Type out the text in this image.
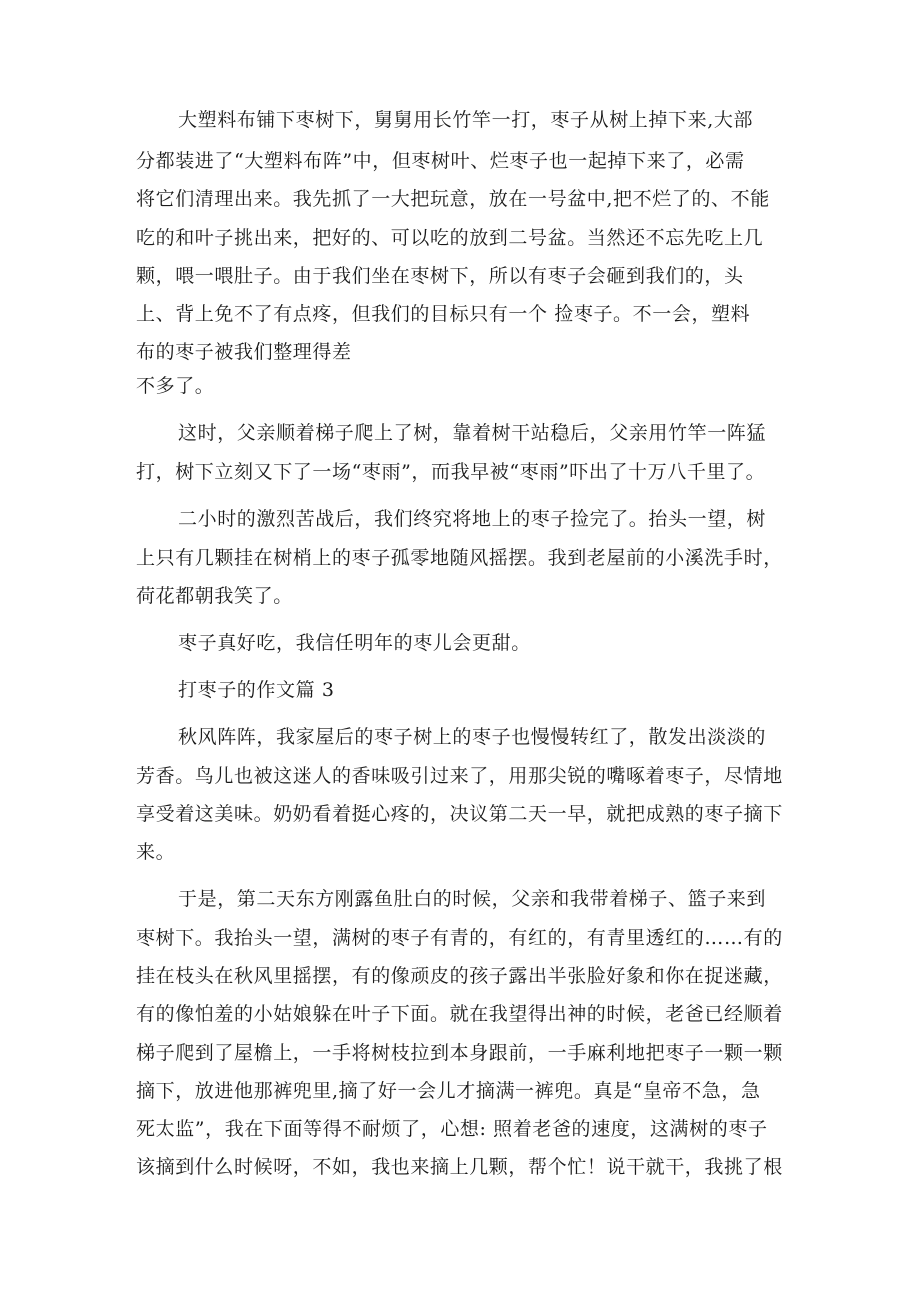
大塑料布铺下枣树下，舅舅用长竹竿一打，枣子从树上掉下来,大部
分都装进了“大塑料布阵”中，但枣树叶、烂枣子也一起掉下来了，必需
将它们清理出来。我先抓了一大把玩意，放在一号盆中,把不烂了的、不能
吃的和叶子挑出来，把好的、可以吃的放到二号盆。当然还不忘先吃上几
颗，喂一喂肚子。由于我们坐在枣树下，所以有枣子会砸到我们的，头
上、背上免不了有点疼，但我们的目标只有一个 捡枣子。不一会，塑料
布的枣子被我们整理得差
不多了。
这时，父亲顺着梯子爬上了树，靠着树干站稳后，父亲用竹竿一阵猛
打，树下立刻又下了一场“枣雨”，而我早被“枣雨”吓出了十万八千里了。
二小时的激烈苦战后，我们终究将地上的枣子捡完了。抬头一望，树
上只有几颗挂在树梢上的枣子孤零地随风摇摆。我到老屋前的小溪洗手时，
荷花都朝我笑了。
枣子真好吃，我信任明年的枣儿会更甜。
打枣子的作文篇 3
秋风阵阵，我家屋后的枣子树上的枣子也慢慢转红了，散发出淡淡的
芳香。鸟儿也被这迷人的香味吸引过来了，用那尖锐的嘴啄着枣子，尽情地
享受着这美味。奶奶看着挺心疼的，决议第二天一早，就把成熟的枣子摘下
来。
于是，第二天东方刚露鱼肚白的时候，父亲和我带着梯子、篮子来到
枣树下。我抬头一望，满树的枣子有青的，有红的，有青里透红的……有的
挂在枝头在秋风里摇摆，有的像顽皮的孩子露出半张脸好象和你在捉迷藏，
有的像怕羞的小姑娘躲在叶子下面。就在我望得出神的时候，老爸已经顺着
梯子爬到了屋檐上，一手将树枝拉到本身跟前，一手麻利地把枣子一颗一颗
摘下，放进他那裤兜里,摘了好一会儿才摘满一裤兜。真是“皇帝不急，急
死太监”，我在下面等得不耐烦了，心想: 照着老爸的速度，这满树的枣子
该摘到什么时候呀，不如，我也来摘上几颗，帮个忙！说干就干，我挑了根
